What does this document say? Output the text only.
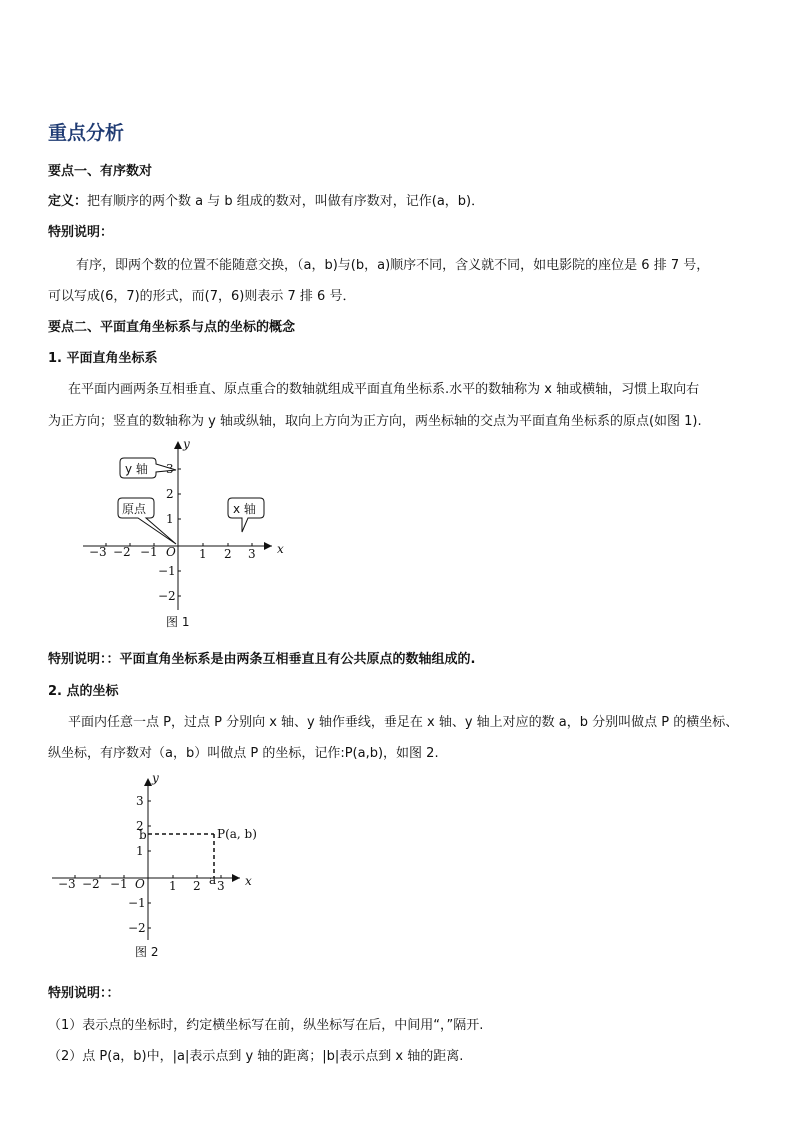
重点分析
要点一、有序数对
定义：把有顺序的两个数 a 与 b 组成的数对，叫做有序数对，记作(a，b)．
特别说明：
有序，即两个数的位置不能随意交换，（a，b)与(b，a)顺序不同，含义就不同，如电影院的座位是 6 排 7 号，
可以写成(6，7)的形式，而(7，6)则表示 7 排 6 号．
要点二、平面直角坐标系与点的坐标的概念
1. 平面直角坐标系
在平面内画两条互相垂直、原点重合的数轴就组成平面直角坐标系.水平的数轴称为 x 轴或横轴，习惯上取向右
为正方向；竖直的数轴称为 y 轴或纵轴，取向上方向为正方向，两坐标轴的交点为平面直角坐标系的原点(如图 1).
−3 −2 −1	1 2 3
2
1
−1
−2
O	x
y
y 轴
原点	x 轴
图 1
−3 −2 −1	1 2 3
3
2
1
−1
−2
O	x
y
b
a
P(a, b)
图 2
特别说明：：平面直角坐标系是由两条互相垂直且有公共原点的数轴组成的.
2. 点的坐标
平面内任意一点 P，过点 P 分别向 x 轴、y 轴作垂线，垂足在 x 轴、y 轴上对应的数 a，b 分别叫做点 P 的横坐标、
纵坐标，有序数对（a，b）叫做点 P 的坐标，记作:P(a,b)，如图 2.
特别说明：：
（1）表示点的坐标时，约定横坐标写在前，纵坐标写在后，中间用“，”隔开.
（2）点 P(a，b)中，|a|表示点到 y 轴的距离；|b|表示点到 x 轴的距离.
